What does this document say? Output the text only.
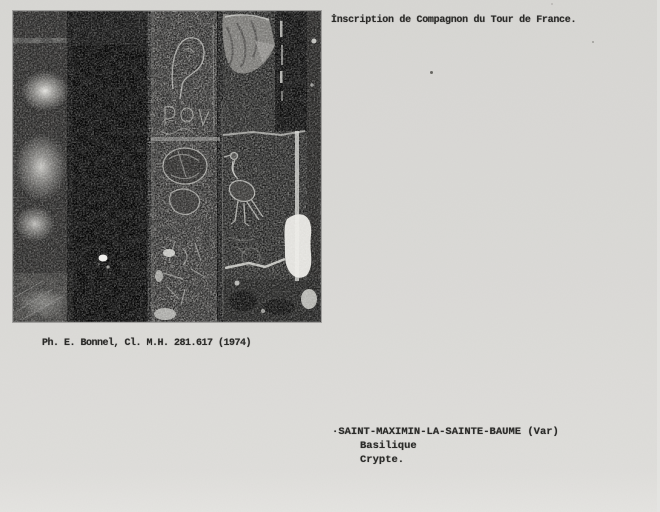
İnscription de Compagnon du Tour de France.
Ph. E. Bonnel, Cl. M.H. 281.617 (1974)
·SAINT-MAXIMIN-LA-SAINTE-BAUME (Var)
Basilique
Crypte.
